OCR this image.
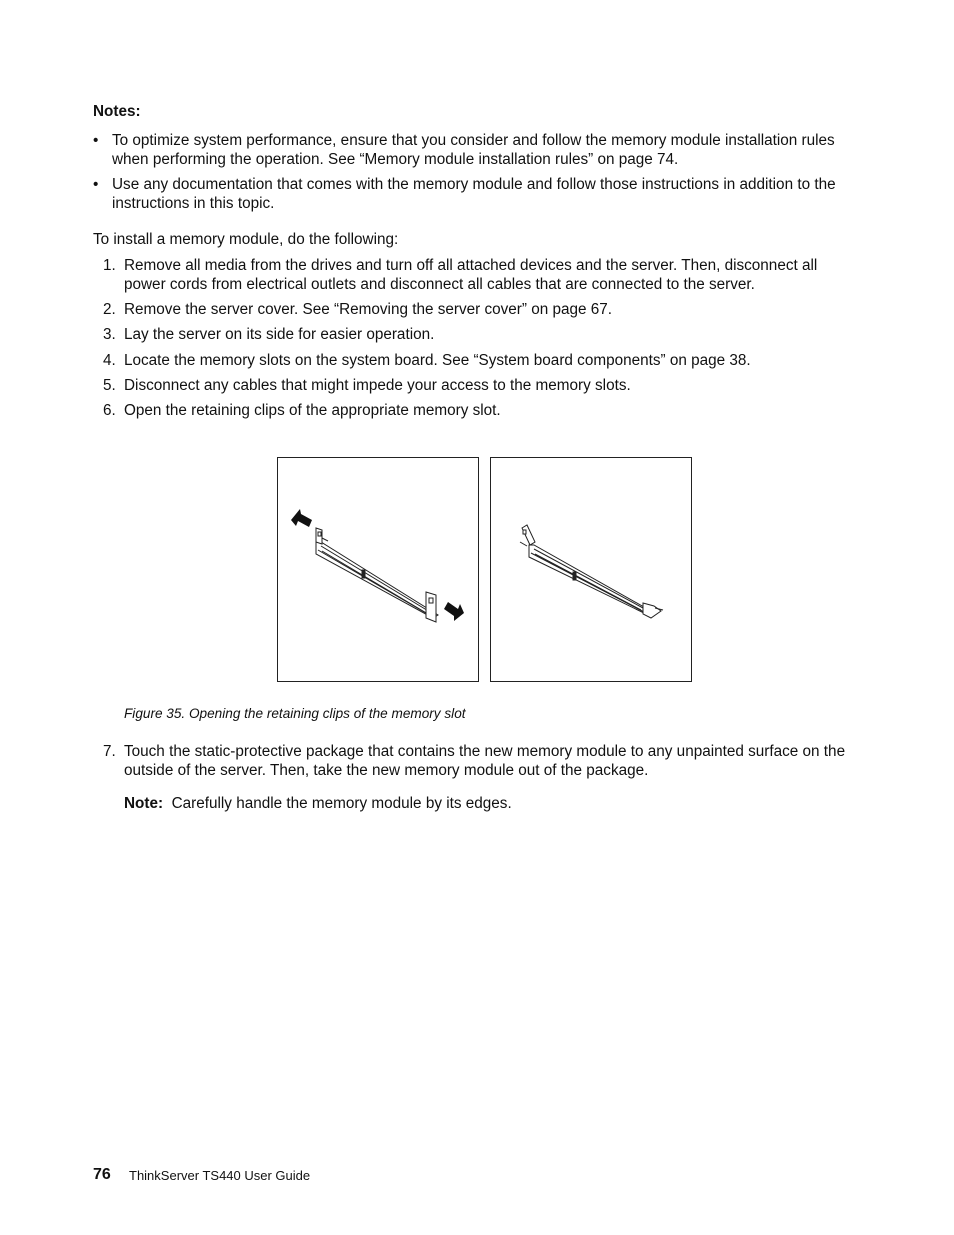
Notes:
• To optimize system performance, ensure that you consider and follow the memory module installation rules when performing the operation. See “Memory module installation rules” on page 74.
• Use any documentation that comes with the memory module and follow those instructions in addition to the instructions in this topic.
To install a memory module, do the following:
1. Remove all media from the drives and turn off all attached devices and the server. Then, disconnect all power cords from electrical outlets and disconnect all cables that are connected to the server.
2. Remove the server cover. See “Removing the server cover” on page 67.
3. Lay the server on its side for easier operation.
4. Locate the memory slots on the system board. See “System board components” on page 38.
5. Disconnect any cables that might impede your access to the memory slots.
6. Open the retaining clips of the appropriate memory slot.
Figure 35. Opening the retaining clips of the memory slot
7. Touch the static-protective package that contains the new memory module to any unpainted surface on the outside of the server. Then, take the new memory module out of the package.
Note: Carefully handle the memory module by its edges.
76 ThinkServer TS440 User Guide
